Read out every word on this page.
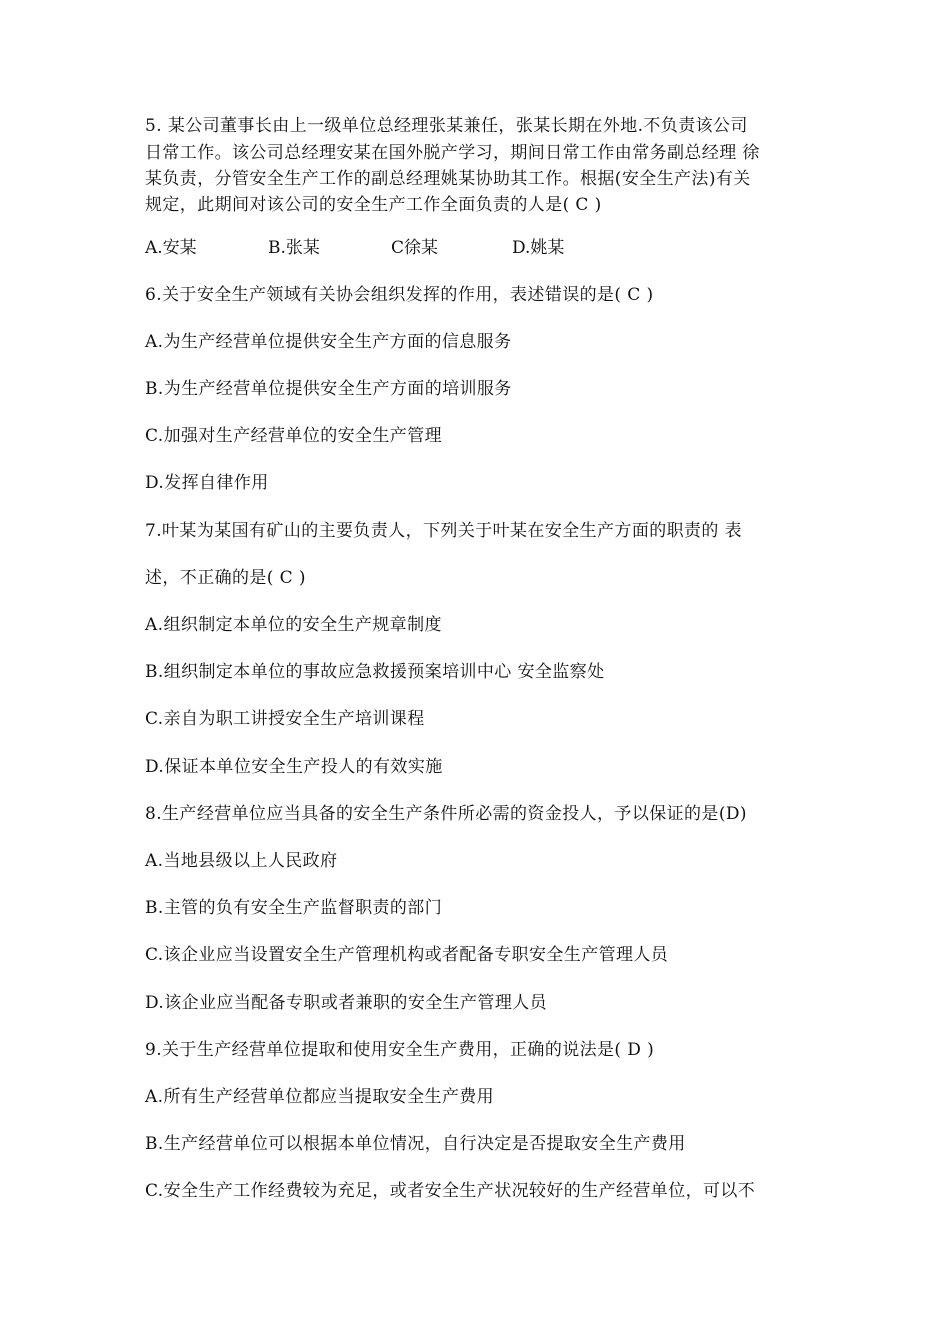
5. 某公司董事长由上一级单位总经理张某兼任，张某长期在外地.不负责该公司
日常工作。该公司总经理安某在国外脱产学习，期间日常工作由常务副总经理 徐
某负责，分管安全生产工作的副总经理姚某协助其工作。根据(安全生产法)有关
规定，此期间对该公司的安全生产工作全面负责的人是( C )
A.安某	B.张某	C徐某	D.姚某
6.关于安全生产领域有关协会组织发挥的作用，表述错误的是( C )
A.为生产经营单位提供安全生产方面的信息服务
B.为生产经营单位提供安全生产方面的培训服务
C.加强对生产经营单位的安全生产管理
D.发挥自律作用
7.叶某为某国有矿山的主要负责人，下列关于叶某在安全生产方面的职责的 表
述，不正确的是( C )
A.组织制定本单位的安全生产规章制度
B.组织制定本单位的事故应急救援预案培训中心 安全监察处
C.亲自为职工讲授安全生产培训课程
D.保证本单位安全生产投人的有效实施
8.生产经营单位应当具备的安全生产条件所必需的资金投人，予以保证的是(D)
A.当地县级以上人民政府
B.主管的负有安全生产监督职责的部门
C.该企业应当设置安全生产管理机构或者配备专职安全生产管理人员
D.该企业应当配备专职或者兼职的安全生产管理人员
9.关于生产经营单位提取和使用安全生产费用，正确的说法是( D )
A.所有生产经营单位都应当提取安全生产费用
B.生产经营单位可以根据本单位情况，自行决定是否提取安全生产费用
C.安全生产工作经费较为充足，或者安全生产状况较好的生产经营单位，可以不
